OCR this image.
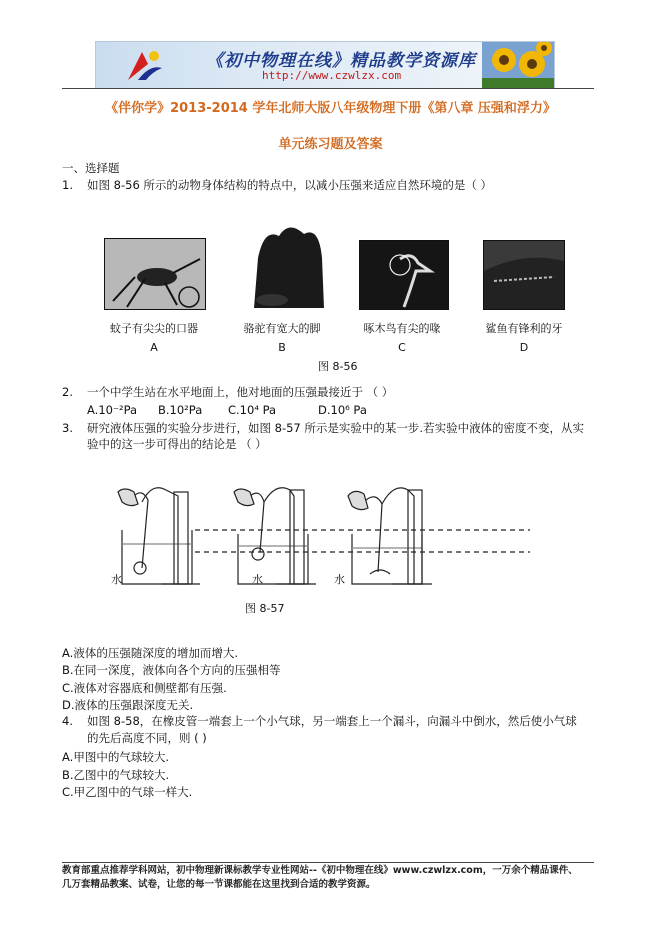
《初中物理在线》精品教学资源库
http://www.czwlzx.com
《伴你学》2013-2014 学年北师大版八年级物理下册《第八章 压强和浮力》
单元练习题及答案
一、选择题
1. 如图 8-56 所示的动物身体结构的特点中，以减小压强来适应自然环境的是（ ）
蚊子有尖尖的口器	骆驼有宽大的脚	啄木鸟有尖的喙	鲨鱼有锋利的牙
A	B	C	D
图 8-56
2. 一个中学生站在水平地面上，他对地面的压强最接近于 （ ）
A.10⁻²Pa B.10²Pa C.10⁴ Pa	D.10⁶ Pa
3. 研究液体压强的实验分步进行，如图 8-57 所示是实验中的某一步.若实验中液体的密度不变，从实
验中的这一步可得出的结论是 （ ）
水	水	水
图 8-57
A.液体的压强随深度的增加而增大.
B.在同一深度，液体向各个方向的压强相等
C.液体对容器底和侧壁都有压强.
D.液体的压强跟深度无关.
4. 如图 8-58，在橡皮管一端套上一个小气球，另一端套上一个漏斗，向漏斗中倒水，然后使小气球
的先后高度不同，则 ( )
A.甲图中的气球较大.
B.乙图中的气球较大.
C.甲乙图中的气球一样大.
教育部重点推荐学科网站，初中物理新课标教学专业性网站--《初中物理在线》www.czwlzx.com，一万余个精品课件、
几万套精品教案、试卷，让您的每一节课都能在这里找到合适的教学资源。
